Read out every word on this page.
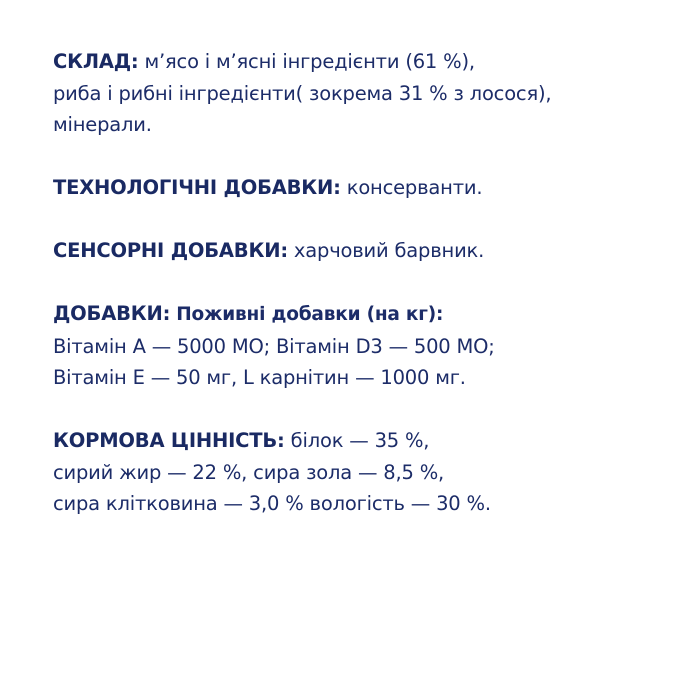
СКЛАД: м’ясо і м’ясні інгредієнти (61 %),
риба і рибні інгредієнти( зокрема 31 % з лосося),
мінерали.
ТЕХНОЛОГІЧНІ ДОБАВКИ: консерванти.
СЕНСОРНІ ДОБАВКИ: харчовий барвник.
ДОБАВКИ: Поживні добавки (на кг):
Вітамін А — 5000 МО; Вітамін D3 — 500 МО;
Вітамін Е — 50 мг, L карнітин — 1000 мг.
КОРМОВА ЦІННІСТЬ: білок — 35 %,
сирий жир — 22 %, сира зола — 8,5 %,
сира клітковина — 3,0 % вологість — 30 %.
